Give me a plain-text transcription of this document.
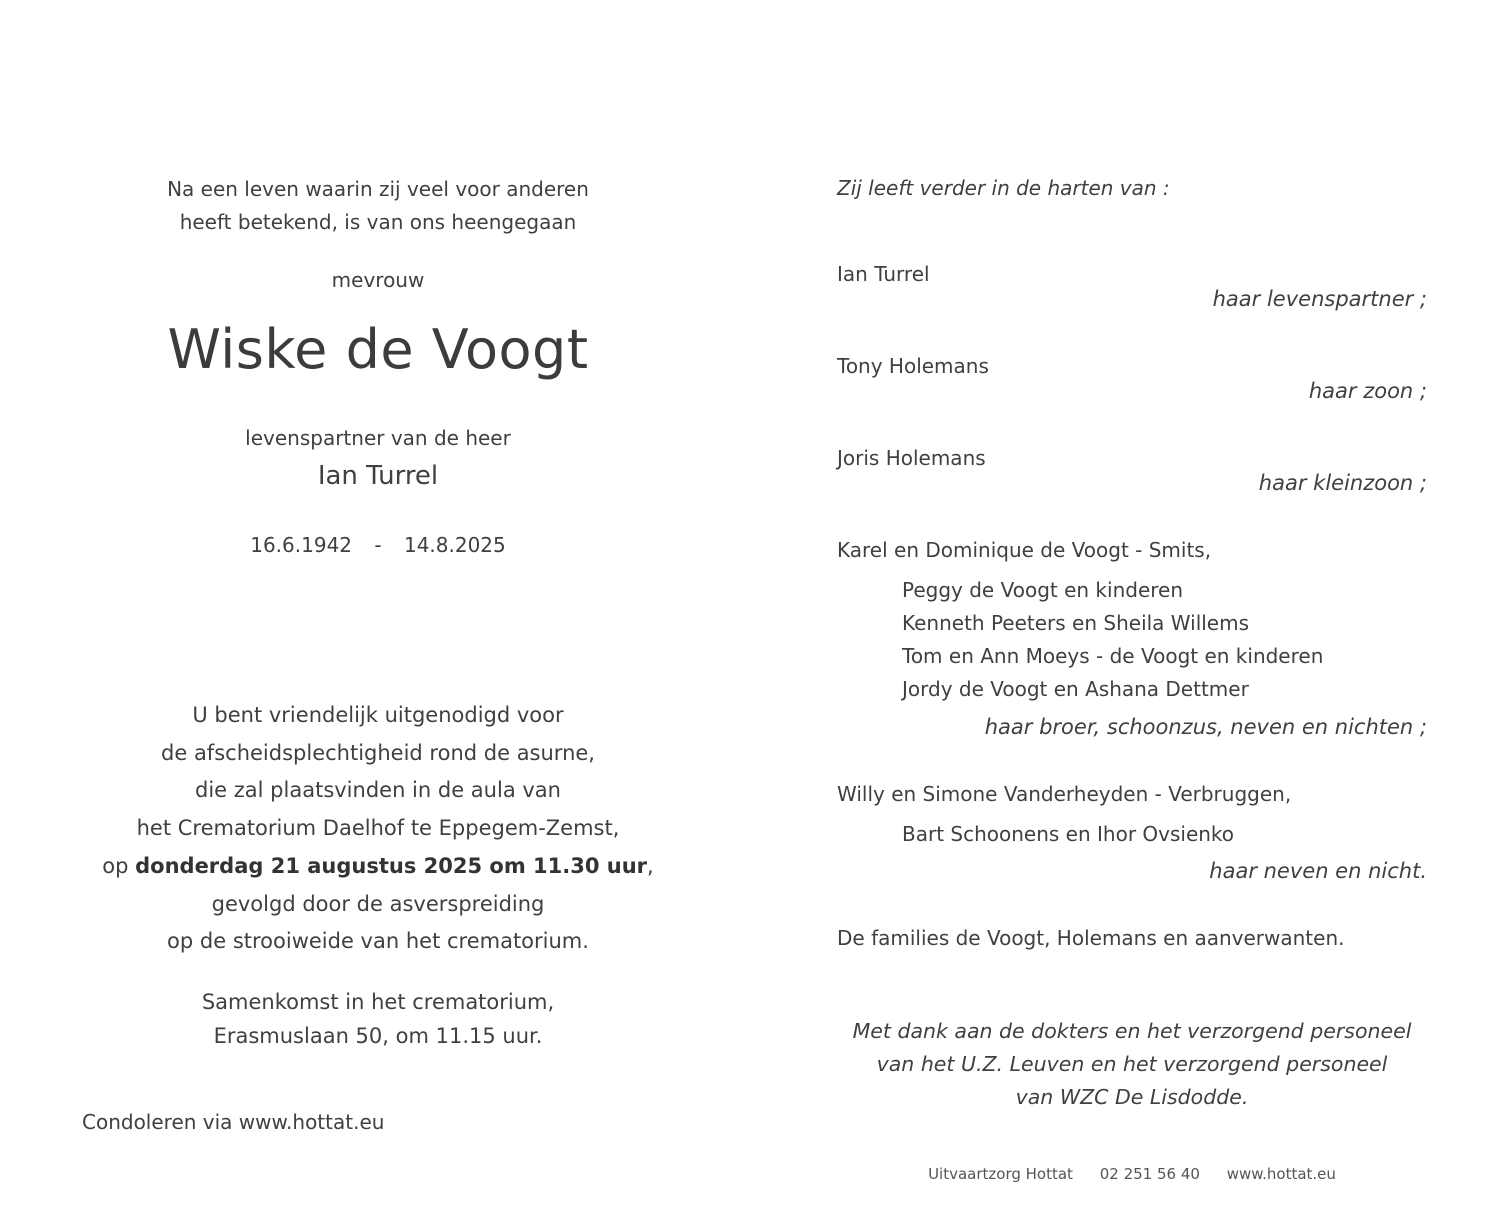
Na een leven waarin zij veel voor anderen
heeft betekend, is van ons heengegaan
mevrouw
Wiske de Voogt
levenspartner van de heer
Ian Turrel
16.6.1942 - 14.8.2025
U bent vriendelijk uitgenodigd voor
de afscheidsplechtigheid rond de asurne,
die zal plaatsvinden in de aula van
het Crematorium Daelhof te Eppegem-Zemst,
op donderdag 21 augustus 2025 om 11.30 uur,
gevolgd door de asverspreiding
op de strooiweide van het crematorium.
Samenkomst in het crematorium,
Erasmuslaan 50, om 11.15 uur.
Condoleren via www.hottat.eu
Zij leeft verder in de harten van :
Ian Turrel
haar levenspartner ;
Tony Holemans
haar zoon ;
Joris Holemans
haar kleinzoon ;
Karel en Dominique de Voogt - Smits,
Peggy de Voogt en kinderen
Kenneth Peeters en Sheila Willems
Tom en Ann Moeys - de Voogt en kinderen
Jordy de Voogt en Ashana Dettmer
haar broer, schoonzus, neven en nichten ;
Willy en Simone Vanderheyden - Verbruggen,
Bart Schoonens en Ihor Ovsienko
haar neven en nicht.
De families de Voogt, Holemans en aanverwanten.
Met dank aan de dokters en het verzorgend personeel
van het U.Z. Leuven en het verzorgend personeel
van WZC De Lisdodde.
Uitvaartzorg Hottat 02 251 56 40 www.hottat.eu
